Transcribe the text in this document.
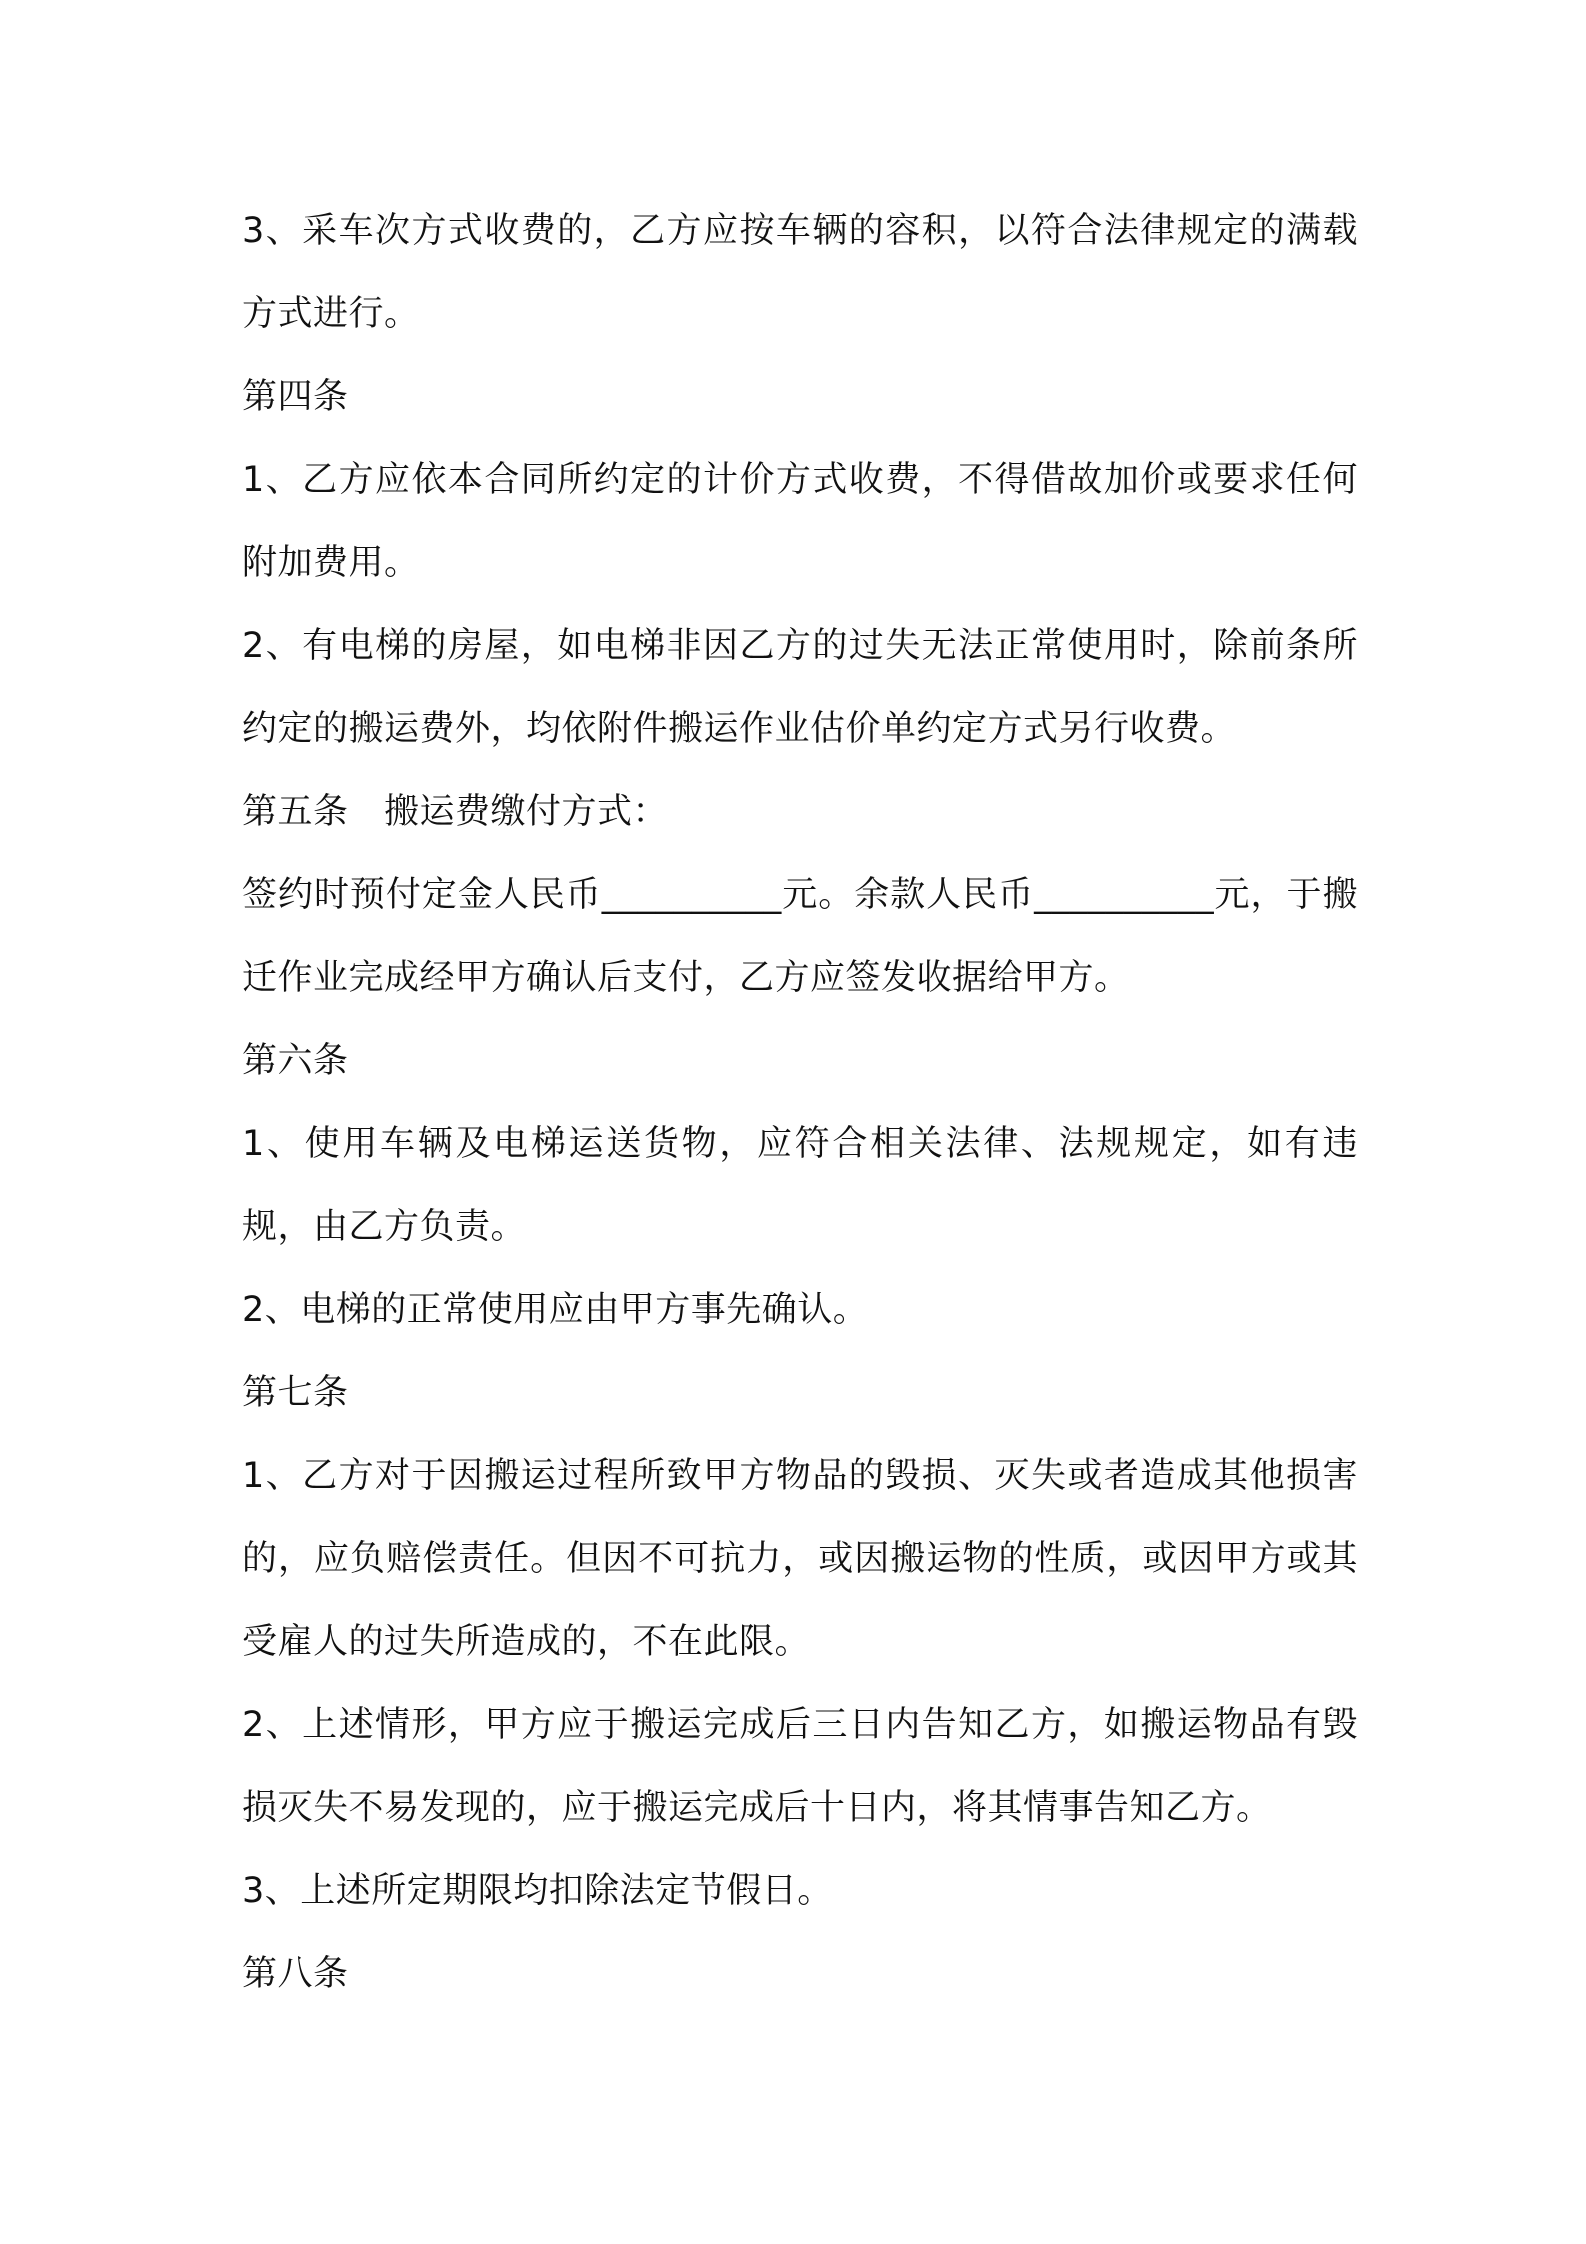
3、采车次方式收费的，乙方应按车辆的容积，以符合法律规定的满载方式进行。

第四条

1、乙方应依本合同所约定的计价方式收费，不得借故加价或要求任何附加费用。

2、有电梯的房屋，如电梯非因乙方的过失无法正常使用时，除前条所约定的搬运费外，均依附件搬运作业估价单约定方式另行收费。

第五条　搬运费缴付方式：

签约时预付定金人民币__________元。余款人民币__________元，于搬迁作业完成经甲方确认后支付，乙方应签发收据给甲方。

第六条

1、使用车辆及电梯运送货物，应符合相关法律、法规规定，如有违规，由乙方负责。

2、电梯的正常使用应由甲方事先确认。

第七条

1、乙方对于因搬运过程所致甲方物品的毁损、灭失或者造成其他损害的，应负赔偿责任。但因不可抗力，或因搬运物的性质，或因甲方或其受雇人的过失所造成的，不在此限。

2、上述情形，甲方应于搬运完成后三日内告知乙方，如搬运物品有毁损灭失不易发现的，应于搬运完成后十日内，将其情事告知乙方。

3、上述所定期限均扣除法定节假日。

第八条
